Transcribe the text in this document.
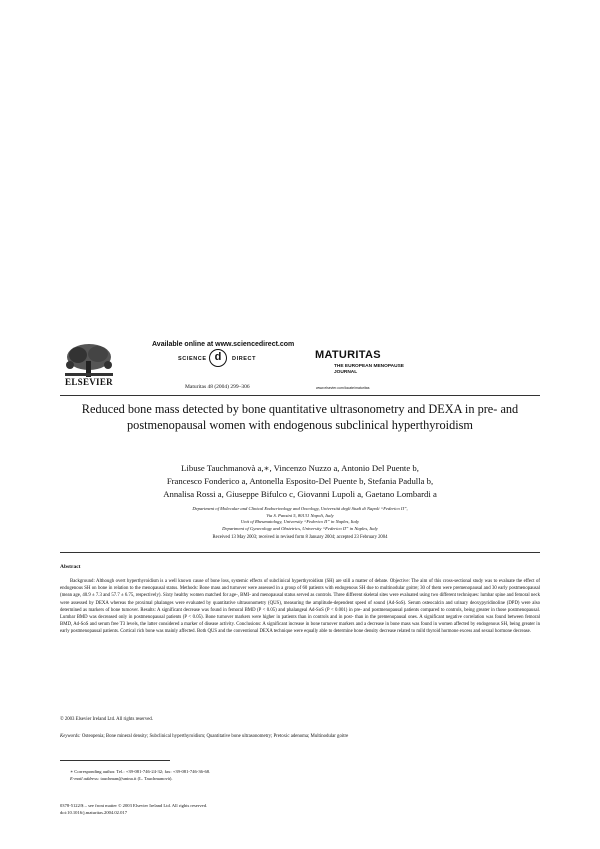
ELSEVIER
Available online at www.sciencedirect.com
SCIENCE d	DIRECT
Maturitas 48 (2004) 299–306
MATURITAS
THE EUROPEAN MENOPAUSE JOURNAL
www.elsevier.com/locate/maturitas
Reduced bone mass detected by bone quantitative ultrasonometry and DEXA in pre- and postmenopausal women with endogenous subclinical hyperthyroidism
Libuse Tauchmanovà a,∗, Vincenzo Nuzzo a, Antonio Del Puente b,
Francesco Fonderico a, Antonella Esposito-Del Puente b, Stefania Padulla b,
Annalisa Rossi a, Giuseppe Bifulco c, Giovanni Lupoli a, Gaetano Lombardi a
Department of Molecular and Clinical Endocrinology and Oncology, Università degli Studi di Napoli “Federico II”,
Via S. Pansini 5, 80131 Napoli, Italy
Unit of Rheumatology, University “Federico II” in Naples, Italy
Department of Gynecology and Obstetrics, University “Federico II” in Naples, Italy
Received 13 May 2003; received in revised form 8 January 2004; accepted 23 February 2004
Abstract
Background: Although overt hyperthyroidism is a well known cause of bone loss, systemic effects of subclinical hyperthyroidism (SH) are still a matter of debate. Objective: The aim of this cross-sectional study was to evaluate the effect of endogenous SH on bone in relation to the menopausal status. Methods: Bone mass and turnover were assessed in a group of 60 patients with endogenous SH due to multinodular goitre; 30 of them were premenopausal and 30 early postmenopausal (mean age, 40.9 ± 7.3 and 57.7 ± 6.75, respectively). Sixty healthy women matched for age-, BMI- and menopausal status served as controls. Three different skeletal sites were evaluated using two different techniques: lumbar spine and femoral neck were assessed by DEXA whereas the proximal phalanges were evaluated by quantitative ultrasonometry (QUS), measuring the amplitude-dependent speed of sound (Ad-SoS). Serum osteocalcin and urinary deoxypyridinoline (DPD) were also determined as markers of bone turnover. Results: A significant decrease was found in femoral BMD (P < 0.05) and phalangeal Ad-SoS (P < 0.001) in pre- and postmenopausal patients compared to controls, being greater in those postmenopausal. Lumbar BMD was decreased only in postmenopausal patients (P < 0.05). Bone turnover markers were higher in patients than in controls and in post- than in the premenopausal ones. A significant negative correlation was found between femoral BMD, Ad-SoS and serum free T3 levels, the latter considered a marker of disease activity. Conclusions: A significant increase in bone turnover markers and a decrease in bone mass was found in women affected by endogenous SH, being greater in early postmenopausal patients. Cortical rich bone was mainly affected. Both QUS and the conventional DEXA technique were equally able to determine bone density decrease related to mild thyroid hormone excess and sexual hormone decrease.
© 2003 Elsevier Ireland Ltd. All rights reserved.
Keywords: Osteopenia; Bone mineral density; Subclinical hyperthyroidism; Quantitative bone ultrasonometry; Pretoxic adenoma; Multinodular goitre

∗ Corresponding author. Tel.: +39-081-746-24-32; fax: +39-081-746-36-68.

E-mail address: tauchman@unina.it (L. Tauchmanovà).

0378-5122/$ – see front matter © 2003 Elsevier Ireland Ltd. All rights reserved.
doi:10.1016/j.maturitas.2004.02.017
